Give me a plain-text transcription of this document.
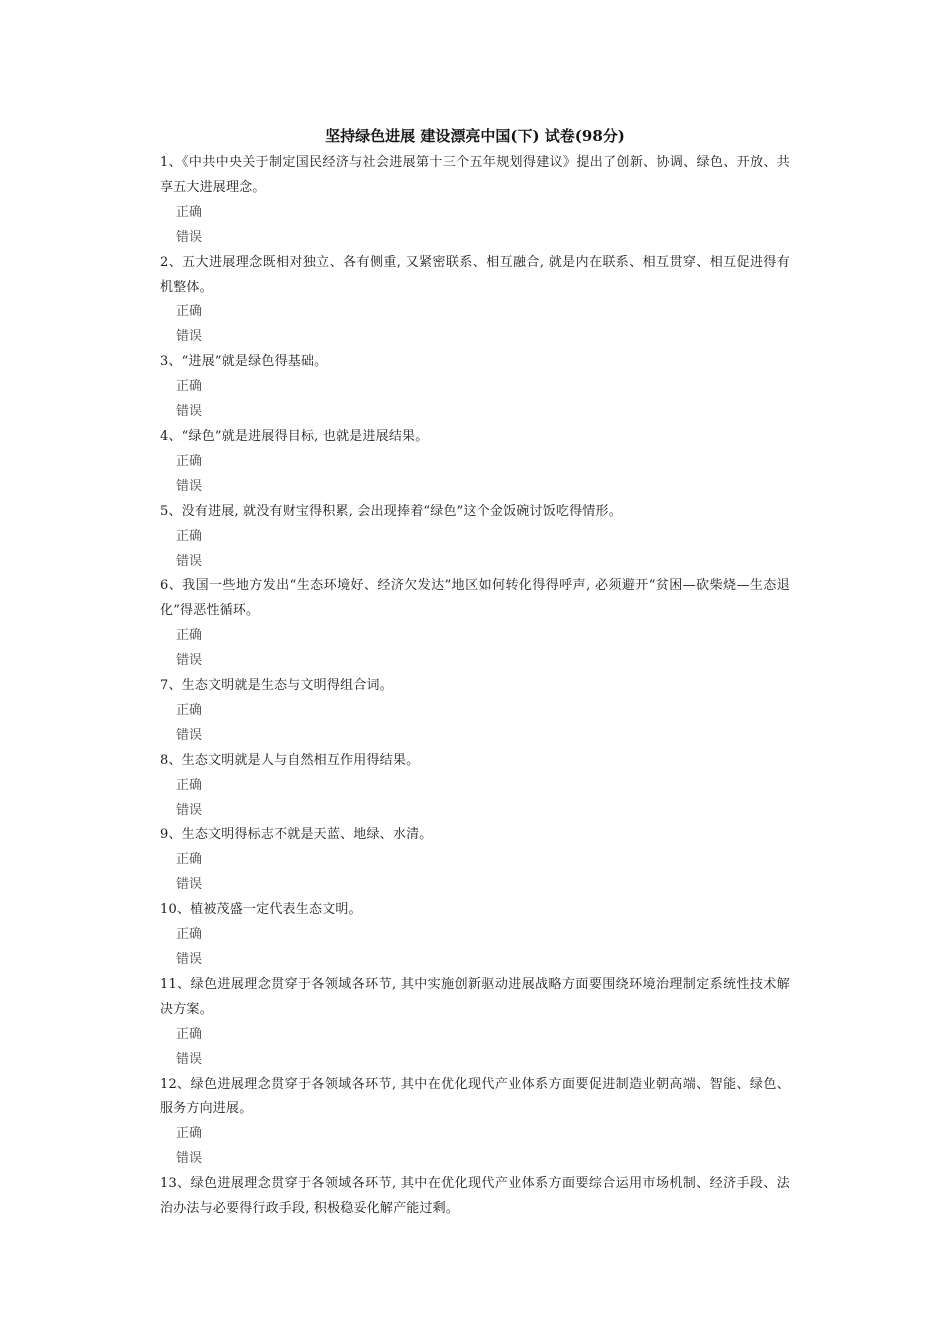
坚持绿色进展 建设漂亮中国(下) 试卷(98分)
1、《中共中央关于制定国民经济与社会进展第十三个五年规划得建议》提出了创新、协调、绿色、开放、共享五大进展理念。
正确
错误
2、五大进展理念既相对独立、各有侧重, 又紧密联系、相互融合, 就是内在联系、相互贯穿、相互促进得有机整体。
正确
错误
3、“进展”就是绿色得基础。
正确
错误
4、“绿色”就是进展得目标, 也就是进展结果。
正确
错误
5、没有进展, 就没有财宝得积累, 会出现捧着“绿色”这个金饭碗讨饭吃得情形。
正确
错误
6、我国一些地方发出“生态环境好、经济欠发达”地区如何转化得得呼声, 必须避开“贫困—砍柴烧—生态退化”得恶性循环。
正确
错误
7、生态文明就是生态与文明得组合词。
正确
错误
8、生态文明就是人与自然相互作用得结果。
正确
错误
9、生态文明得标志不就是天蓝、地绿、水清。
正确
错误
10、植被茂盛一定代表生态文明。
正确
错误
11、绿色进展理念贯穿于各领域各环节, 其中实施创新驱动进展战略方面要围绕环境治理制定系统性技术解决方案。
正确
错误
12、绿色进展理念贯穿于各领域各环节, 其中在优化现代产业体系方面要促进制造业朝高端、智能、绿色、服务方向进展。
正确
错误
13、绿色进展理念贯穿于各领域各环节, 其中在优化现代产业体系方面要综合运用市场机制、经济手段、法治办法与必要得行政手段, 积极稳妥化解产能过剩。
